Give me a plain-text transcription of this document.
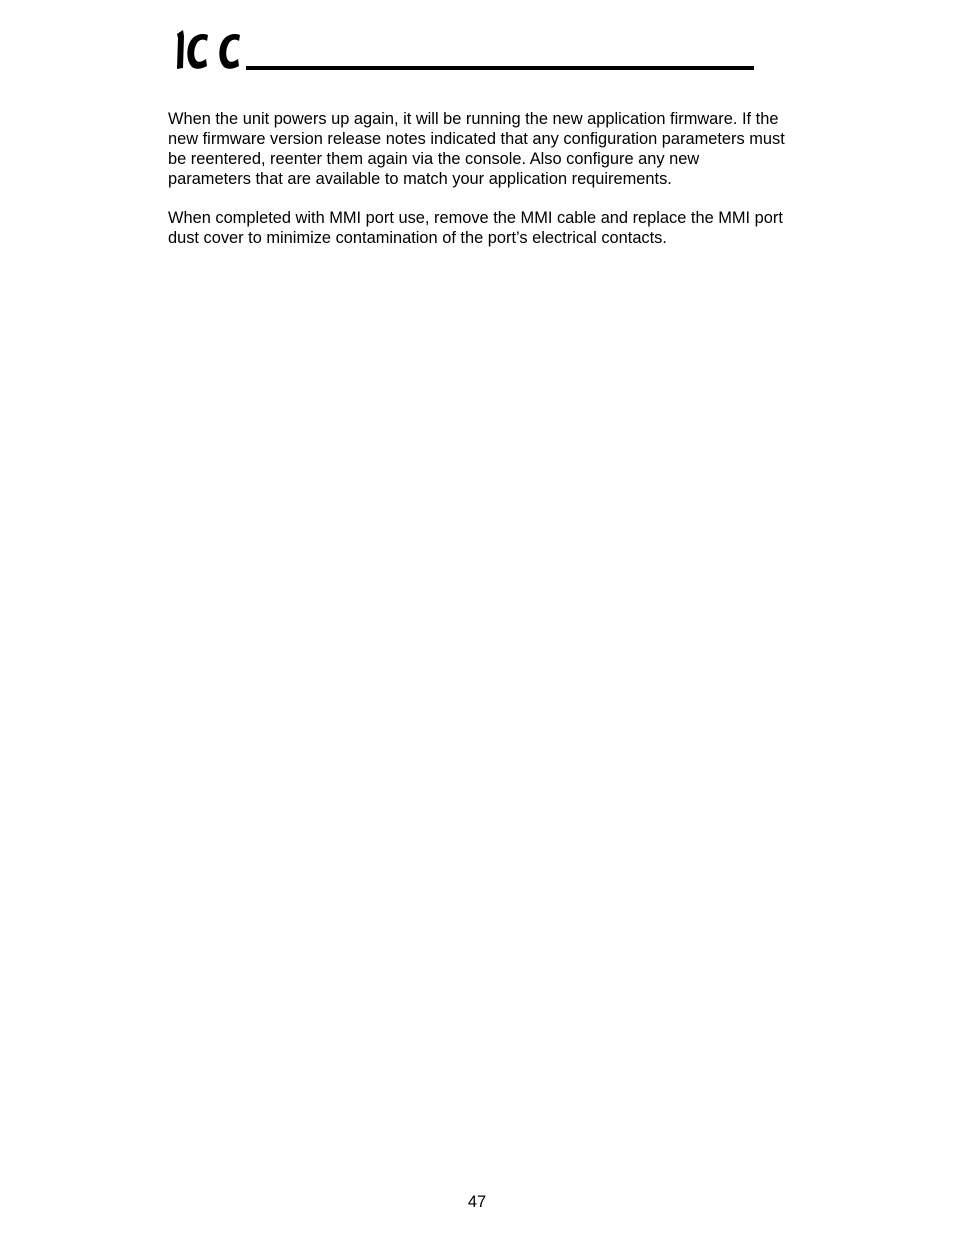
When the unit powers up again, it will be running the new application firmware. If the
new firmware version release notes indicated that any configuration parameters must
be reentered, reenter them again via the console. Also configure any new
parameters that are available to match your application requirements.

When completed with MMI port use, remove the MMI cable and replace the MMI port
dust cover to minimize contamination of the port’s electrical contacts.

47
